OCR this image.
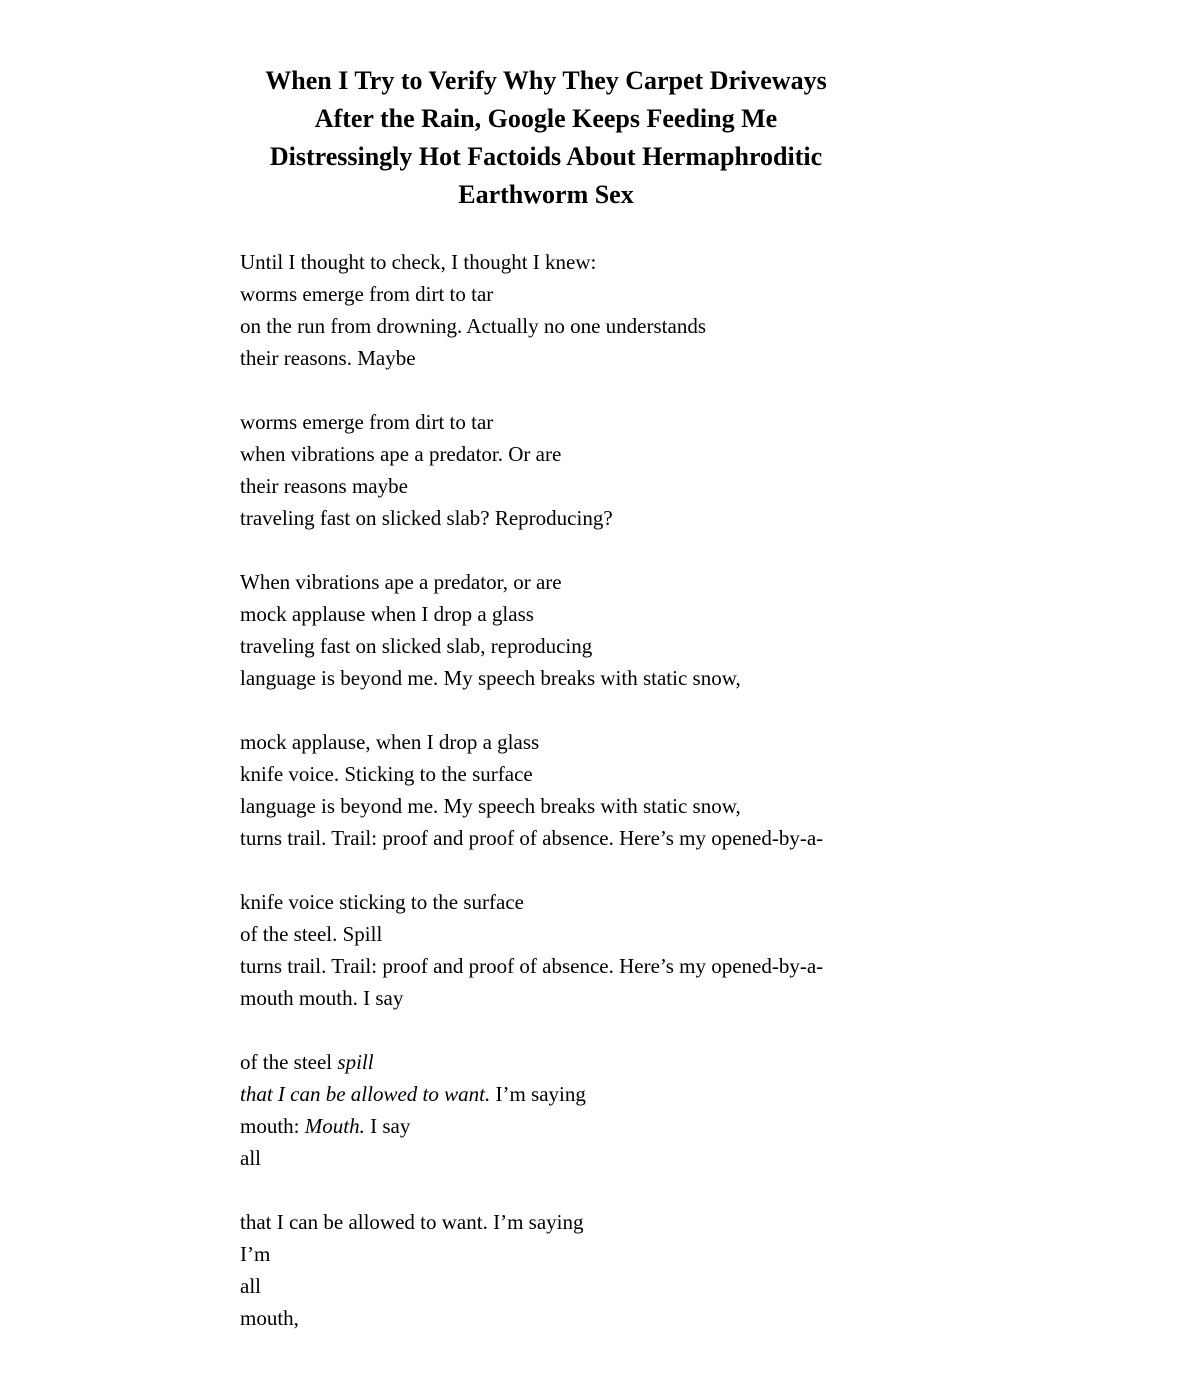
When I Try to Verify Why They Carpet Driveways
After the Rain, Google Keeps Feeding Me
Distressingly Hot Factoids About Hermaphroditic
Earthworm Sex
Until I thought to check, I thought I knew:
worms emerge from dirt to tar
on the run from drowning. Actually no one understands
their reasons. Maybe
worms emerge from dirt to tar
when vibrations ape a predator. Or are
their reasons maybe
traveling fast on slicked slab? Reproducing?
When vibrations ape a predator, or are
mock applause when I drop a glass
traveling fast on slicked slab, reproducing
language is beyond me. My speech breaks with static snow,
mock applause, when I drop a glass
knife voice. Sticking to the surface
language is beyond me. My speech breaks with static snow,
turns trail. Trail: proof and proof of absence. Here’s my opened-by-a-
knife voice sticking to the surface
of the steel. Spill
turns trail. Trail: proof and proof of absence. Here’s my opened-by-a-
mouth mouth. I say
of the steel spill
that I can be allowed to want. I’m saying
mouth: Mouth. I say
all
that I can be allowed to want. I’m saying
I’m
all
mouth,
